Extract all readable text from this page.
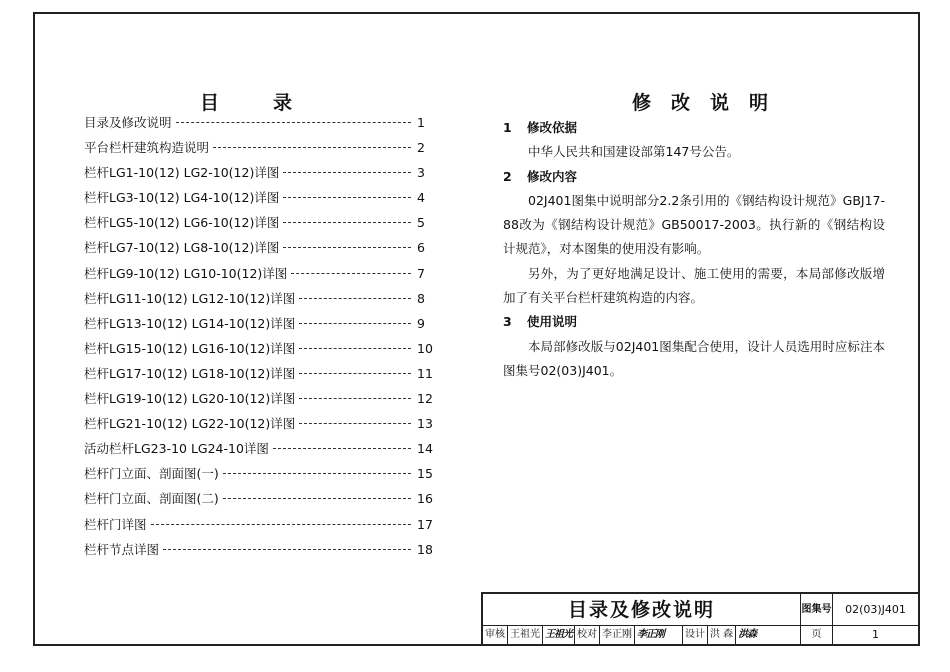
目录
目录及修改说明	1
平台栏杆建筑构造说明	2
栏杆LG1-10(12) LG2-10(12)详图	3
栏杆LG3-10(12) LG4-10(12)详图	4
栏杆LG5-10(12) LG6-10(12)详图	5
栏杆LG7-10(12) LG8-10(12)详图	6
栏杆LG9-10(12) LG10-10(12)详图	7
栏杆LG11-10(12) LG12-10(12)详图	8
栏杆LG13-10(12) LG14-10(12)详图	9
栏杆LG15-10(12) LG16-10(12)详图	10
栏杆LG17-10(12) LG18-10(12)详图	11
栏杆LG19-10(12) LG20-10(12)详图	12
栏杆LG21-10(12) LG22-10(12)详图	13
活动栏杆LG23-10 LG24-10详图	14
栏杆门立面、剖面图(一)	15
栏杆门立面、剖面图(二)	16
栏杆门详图	17
栏杆节点详图	18
修改说明
1 修改依据
中华人民共和国建设部第147号公告。
2 修改内容
02J401图集中说明部分2.2条引用的《钢结构设计规范》GBJ17-88改为《钢结构设计规范》GB50017-2003。执行新的《钢结构设计规范》，对本图集的使用没有影响。
另外，为了更好地满足设计、施工使用的需要，本局部修改版增加了有关平台栏杆建筑构造的内容。
3 使用说明
本局部修改版与02J401图集配合使用，设计人员选用时应标注本图集号02(03)J401。
目录及修改说明	图集号	02(03)J401
审核 王祖光 王祖光 校对 李正刚 李正刚	设计 洪 森 洪森	页	1
